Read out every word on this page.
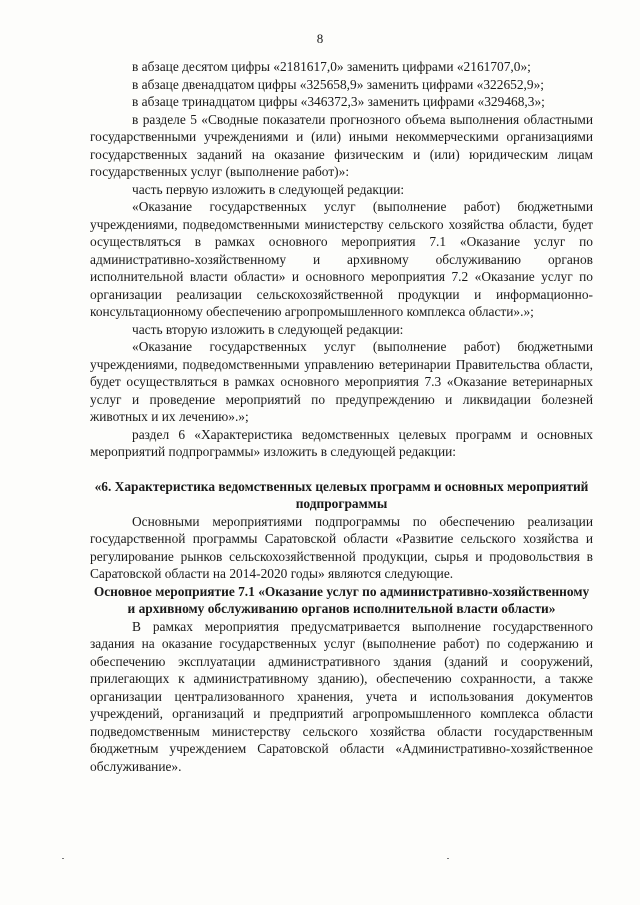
8

в абзаце десятом цифры «2181617,0» заменить цифрами «2161707,0»;

в абзаце двенадцатом цифры «325658,9» заменить цифрами «322652,9»;

в абзаце тринадцатом цифры «346372,3» заменить цифрами «329468,3»;

в разделе 5 «Сводные показатели прогнозного объема выполнения областными государственными учреждениями и (или) иными некоммерческими организациями государственных заданий на оказание физическим и (или) юридическим лицам государственных услуг (выполнение работ)»:

часть первую изложить в следующей редакции:

«Оказание государственных услуг (выполнение работ) бюджетными учреждениями, подведомственными министерству сельского хозяйства области, будет осуществляться в рамках основного мероприятия 7.1 «Оказание услуг по административно-хозяйственному и архивному обслуживанию органов исполнительной власти области» и основного мероприятия 7.2 «Оказание услуг по организации реализации сельскохозяйственной продукции и информационно-консультационному обеспечению агропромышленного комплекса области».»;

часть вторую изложить в следующей редакции:

«Оказание государственных услуг (выполнение работ) бюджетными учреждениями, подведомственными управлению ветеринарии Правительства области, будет осуществляться в рамках основного мероприятия 7.3 «Оказание ветеринарных услуг и проведение мероприятий по предупреждению и ликвидации болезней животных и их лечению».»;

раздел 6 «Характеристика ведомственных целевых программ и основных мероприятий подпрограммы» изложить в следующей редакции:

«6. Характеристика ведомственных целевых программ и основных мероприятий подпрограммы

Основными мероприятиями подпрограммы по обеспечению реализации государственной программы Саратовской области «Развитие сельского хозяйства и регулирование рынков сельскохозяйственной продукции, сырья и продовольствия в Саратовской области на 2014-2020 годы» являются следующие.

Основное мероприятие 7.1 «Оказание услуг по административно-хозяйственному и архивному обслуживанию органов исполнительной власти области»

В рамках мероприятия предусматривается выполнение государственного задания на оказание государственных услуг (выполнение работ) по содержанию и обеспечению эксплуатации административного здания (зданий и сооружений, прилегающих к административному зданию), обеспечению сохранности, а также организации централизованного хранения, учета и использования документов учреждений, организаций и предприятий агропромышленного комплекса области подведомственным министерству сельского хозяйства области государственным бюджетным учреждением Саратовской области «Административно-хозяйственное обслуживание».
